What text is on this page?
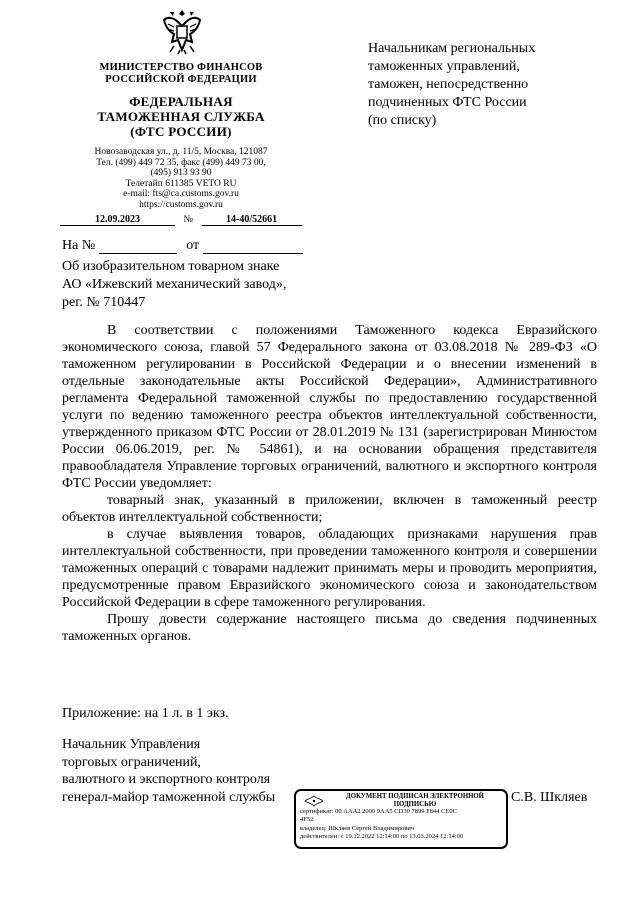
МИНИСТЕРСТВО ФИНАНСОВ
РОССИЙСКОЙ ФЕДЕРАЦИИ
ФЕДЕРАЛЬНАЯ
ТАМОЖЕННАЯ СЛУЖБА
(ФТС РОССИИ)
Новозаводская ул., д. 11/5, Москва, 121087
Тел. (499) 449 72 35, факс (499) 449 73 00,
(495) 913 93 90
Телетайп 611385 VETO RU
e-mail: fts@ca.customs.gov.ru
https://customs.gov.ru
Начальникам региональных
таможенных управлений,
таможен, непосредственно
подчиненных ФТС России
(по списку)
12.09.2023	№	14-40/52661
На №	от
Об изобразительном товарном знаке
АО «Ижевский механический завод»,
рег. № 710447

В соответствии с положениями Таможенного кодекса Евразийского экономического союза, главой 57 Федерального закона от 03.08.2018 № 289-ФЗ «О таможенном регулировании в Российской Федерации и о внесении изменений в отдельные законодательные акты Российской Федерации», Административного регламента Федеральной таможенной службы по предоставлению государственной услуги по ведению таможенного реестра объектов интеллектуальной собственности, утвержденного приказом ФТС России от 28.01.2019 № 131 (зарегистрирован Минюстом России 06.06.2019, рег. № 54861), и на основании обращения представителя правообладателя Управление торговых ограничений, валютного и экспортного контроля ФТС России уведомляет:

товарный знак, указанный в приложении, включен в таможенный реестр объектов интеллектуальной собственности;

в случае выявления товаров, обладающих признаками нарушения прав интеллектуальной собственности, при проведении таможенного контроля и совершении таможенных операций с товарами надлежит принимать меры и проводить мероприятия, предусмотренные правом Евразийского экономического союза и законодательством Российской Федерации в сфере таможенного регулирования.

Прошу довести содержание настоящего письма до сведения подчиненных таможенных органов.

Приложение: на 1 л. в 1 экз.
Начальник Управления
торговых ограничений,
валютного и экспортного контроля
генерал-майор таможенной службы	ДОКУМЕНТ ПОДПИСАН ЭЛЕКТРОННОЙ
ПОДПИСЬЮ
сертификат: 00 AAA2 2000 9AA5 CD30 7899 F844 CE0C
4F52
владелец: Шкляев Сергей Владимирович
действителен: с 19.12.2022 12:14:00 по 13.03.2024 12:14:00
С.В. Шкляев
